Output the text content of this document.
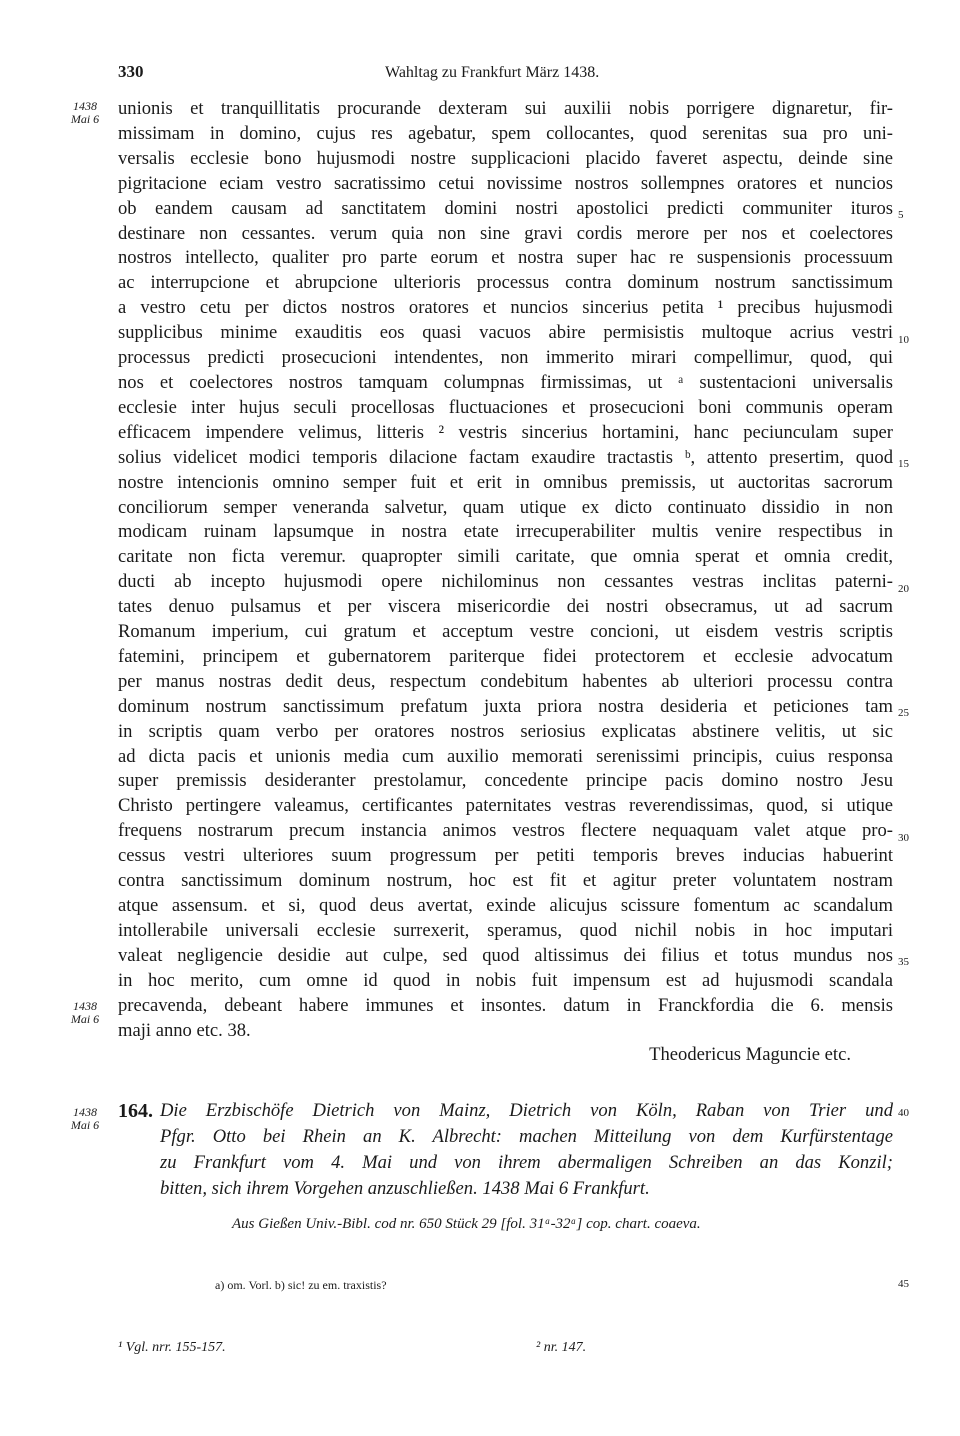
330	Wahltag zu Frankfurt März 1438.
1438
Mai 6
1438
Mai 6
1438
Mai 6
unionis et tranquillitatis procurande dexteram sui auxilii nobis porrigere dignaretur, fir-
missimam in domino, cujus res agebatur, spem collocantes, quod serenitas sua pro uni-
versalis ecclesie bono hujusmodi nostre supplicacioni placido faveret aspectu, deinde sine
pigritacione eciam vestro sacratissimo cetui novissime nostros sollempnes oratores et nuncios
ob eandem causam ad sanctitatem domini nostri apostolici predicti communiter ituros
destinare non cessantes. verum quia non sine gravi cordis merore per nos et coelectores
nostros intellecto, qualiter pro parte eorum et nostra super hac re suspensionis processuum
ac interrupcione et abrupcione ulterioris processus contra dominum nostrum sanctissimum
a vestro cetu per dictos nostros oratores et nuncios sincerius petita ¹ precibus hujusmodi
supplicibus minime exauditis eos quasi vacuos abire permisistis multoque acrius vestri
processus predicti prosecucioni intendentes, non immerito mirari compellimur, quod, qui
nos et coelectores nostros tamquam columpnas firmissimas, ut ᵃ sustentacioni universalis
ecclesie inter hujus seculi procellosas fluctuaciones et prosecucioni boni communis operam
efficacem impendere velimus, litteris ² vestris sincerius hortamini, hanc peciunculam super
solius videlicet modici temporis dilacione factam exaudire tractastis ᵇ, attento presertim, quod
nostre intencionis omnino semper fuit et erit in omnibus premissis, ut auctoritas sacrorum
conciliorum semper veneranda salvetur, quam utique ex dicto continuato dissidio in non
modicam ruinam lapsumque in nostra etate irrecuperabiliter multis venire respectibus in
caritate non ficta veremur. quapropter simili caritate, que omnia sperat et omnia credit,
ducti ab incepto hujusmodi opere nichilominus non cessantes vestras inclitas paterni-
tates denuo pulsamus et per viscera misericordie dei nostri obsecramus, ut ad sacrum
Romanum imperium, cui gratum et acceptum vestre concioni, ut eisdem vestris scriptis
fatemini, principem et gubernatorem pariterque fidei protectorem et ecclesie advocatum
per manus nostras dedit deus, respectum condebitum habentes ab ulteriori processu contra
dominum nostrum sanctissimum prefatum juxta priora nostra desideria et peticiones tam
in scriptis quam verbo per oratores nostros seriosius explicatas abstinere velitis, ut sic
ad dicta pacis et unionis media cum auxilio memorati serenissimi principis, cuius responsa
super premissis desideranter prestolamur, concedente principe pacis domino nostro Jesu
Christo pertingere valeamus, certificantes paternitates vestras reverendissimas, quod, si utique
frequens nostrarum precum instancia animos vestros flectere nequaquam valet atque pro-
cessus vestri ulteriores suum progressum per petiti temporis breves inducias habuerint
contra sanctissimum dominum nostrum, hoc est fit et agitur preter voluntatem nostram
atque assensum. et si, quod deus avertat, exinde alicujus scissure fomentum ac scandalum
intollerabile universali ecclesie surrexerit, speramus, quod nichil nobis in hoc imputari
valeat negligencie desidie aut culpe, sed quod altissimus dei filius et totus mundus nos
in hoc merito, cum omne id quod in nobis fuit impensum est ad hujusmodi scandala
precavenda, debeant habere immunes et insontes. datum in Franckfordia die 6. mensis
maji anno etc. 38.
Theodericus Maguncie etc.
5
10
15
20
25
30
35
40
45
164. Die Erzbischöfe Dietrich von Mainz, Dietrich von Köln, Raban von Trier und
Pfgr. Otto bei Rhein an K. Albrecht: machen Mitteilung von dem Kurfürstentage
zu Frankfurt vom 4. Mai und von ihrem abermaligen Schreiben an das Konzil;
bitten, sich ihrem Vorgehen anzuschließen. 1438 Mai 6 Frankfurt.
Aus Gießen Univ.-Bibl. cod nr. 650 Stück 29 [fol. 31ᵃ-32ᵃ] cop. chart. coaeva.
a) om. Vorl. b) sic! zu em. traxistis?
¹ Vgl. nrr. 155-157.	² nr. 147.
